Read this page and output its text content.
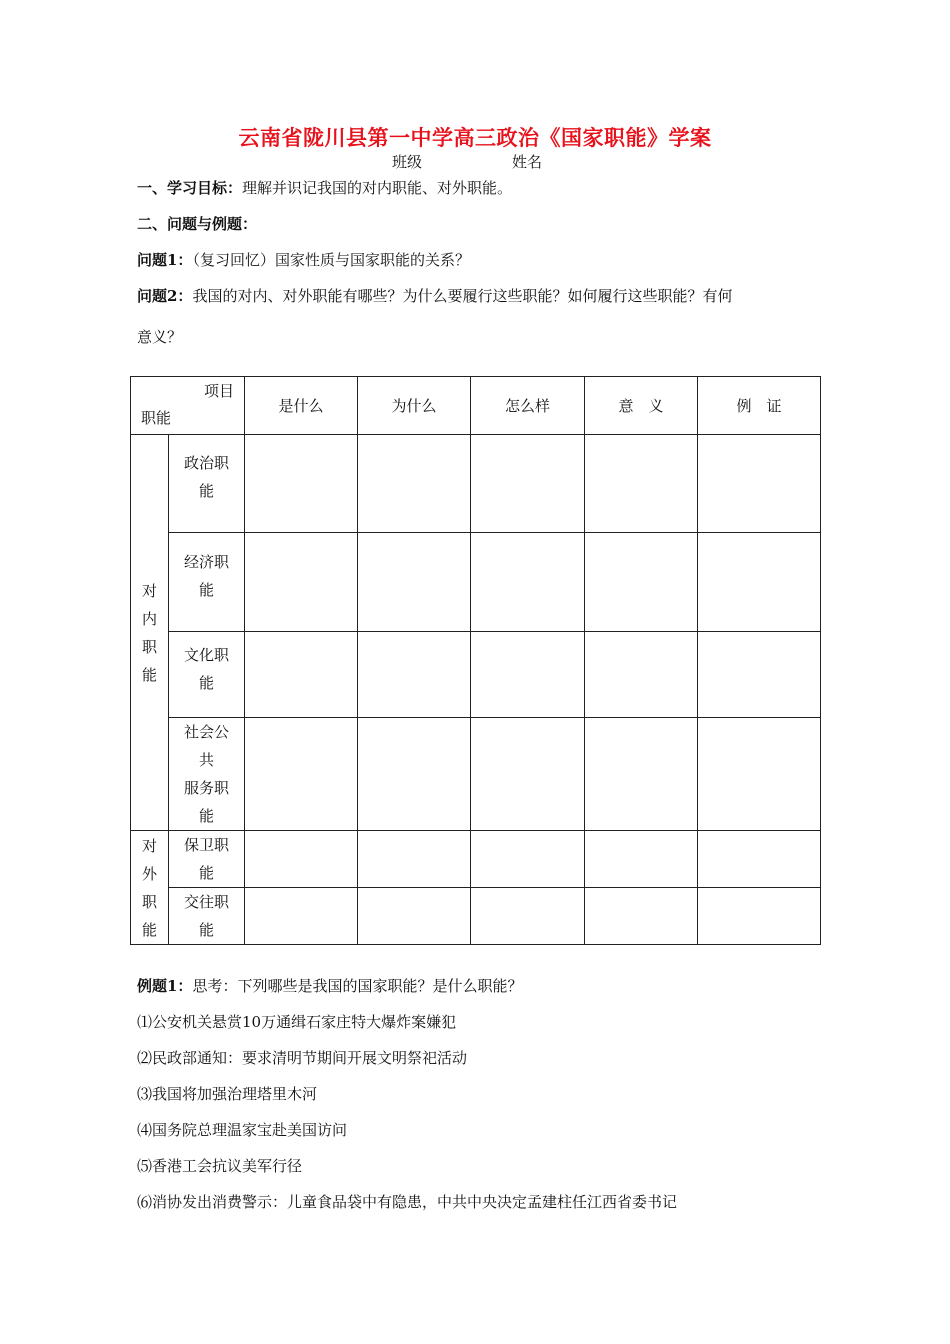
云南省陇川县第一中学高三政治《国家职能》学案
班级	姓名
一、学习目标：理解并识记我国的对内职能、对外职能。
二、问题与例题：
问题1：（复习回忆）国家性质与国家职能的关系？
问题2：我国的对内、对外职能有哪些？为什么要履行这些职能？如何履行这些职能？有何
意义？
项目
职能		是什么	为什么	怎么样	意　义	例　证

对
内
职
能	政治职
能					

	经济职
能					

	文化职
能					

	社会公
共
服务职
能					

对
外
职
能	保卫职
能					

	交往职
能					

例题1：思考：下列哪些是我国的国家职能？是什么职能？
⑴公安机关悬赏10万通缉石家庄特大爆炸案嫌犯
⑵民政部通知：要求清明节期间开展文明祭祀活动
⑶我国将加强治理塔里木河
⑷国务院总理温家宝赴美国访问
⑸香港工会抗议美军行径
⑹消协发出消费警示：儿童食品袋中有隐患，中共中央决定孟建柱任江西省委书记
